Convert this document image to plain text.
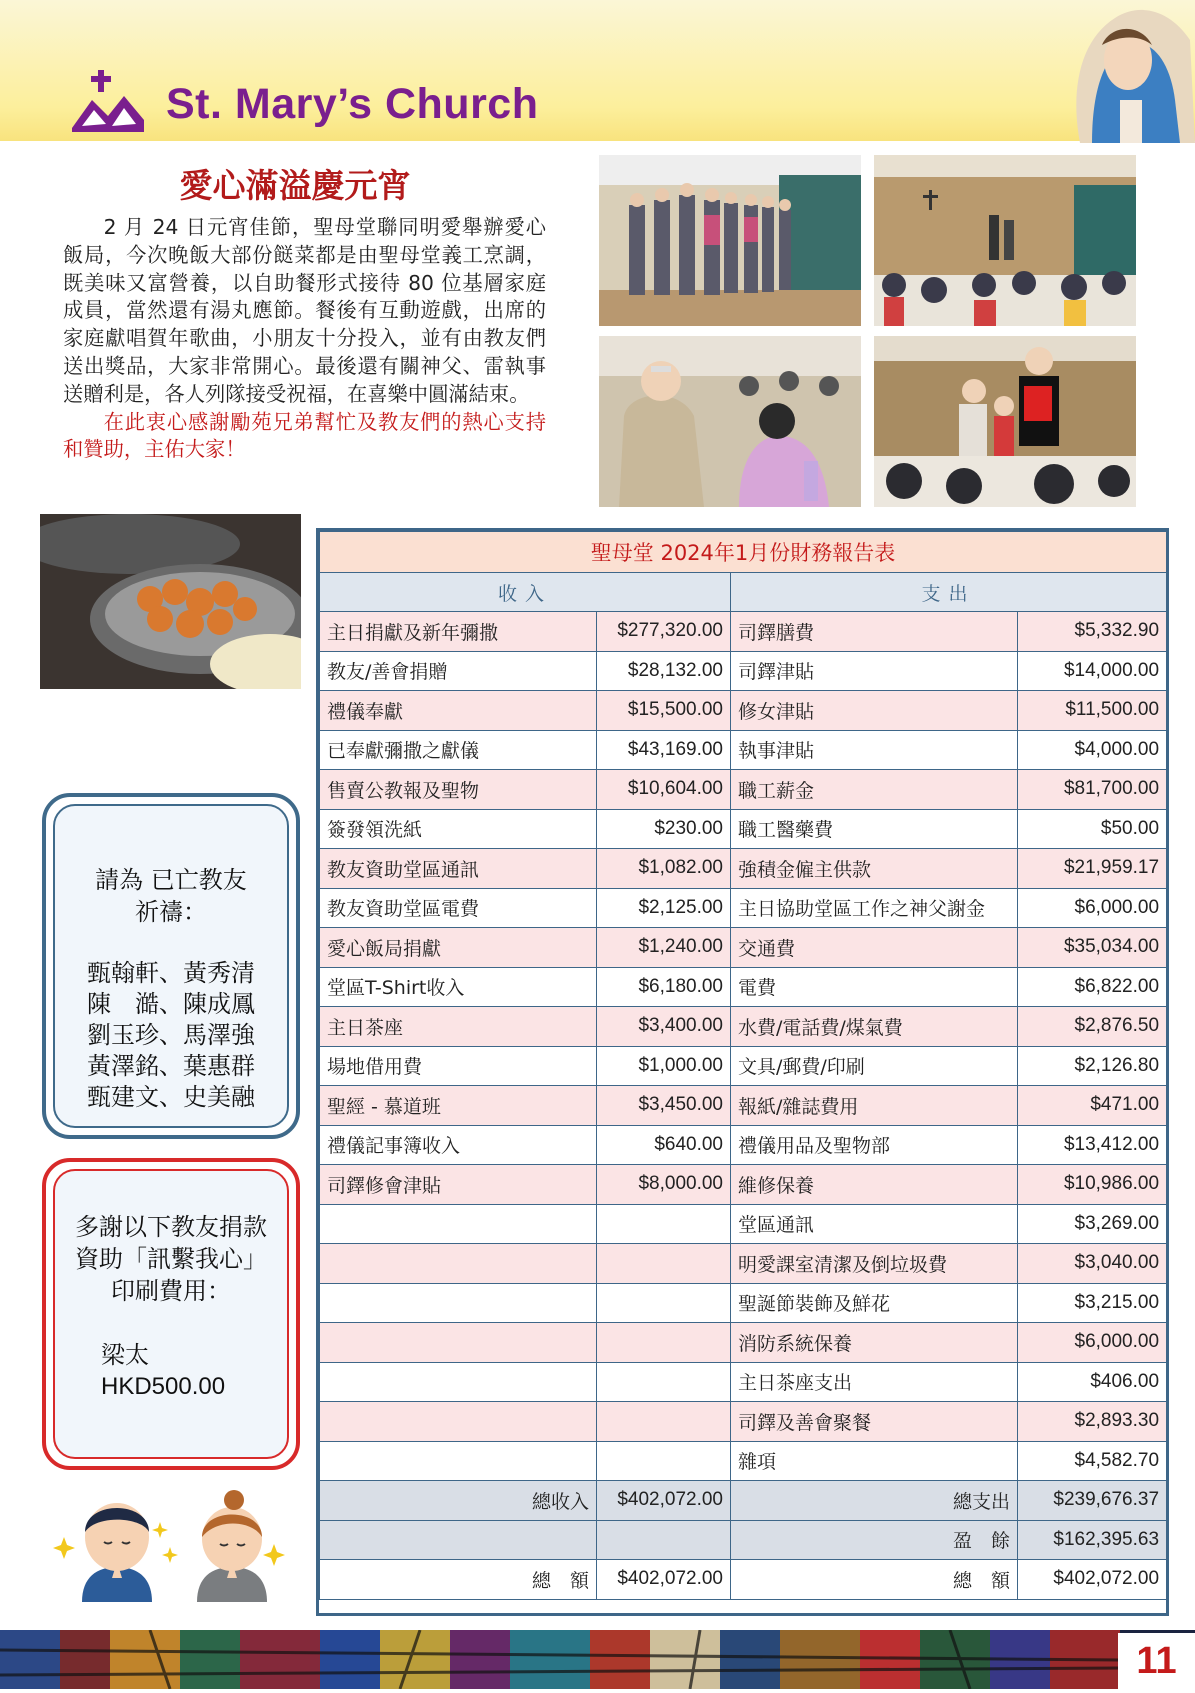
St. Mary’s Church
愛心滿溢慶元宵

2 月 24 日元宵佳節，聖母堂聯同明愛舉辦愛心飯局，今次晚飯大部份餸菜都是由聖母堂義工烹調，既美味又富營養，以自助餐形式接待 80 位基層家庭成員，當然還有湯丸應節。餐後有互動遊戲，出席的家庭獻唱賀年歌曲，小朋友十分投入，並有由教友們送出獎品，大家非常開心。最後還有關神父、雷執事送贈利是，各人列隊接受祝福，在喜樂中圓滿結束。

在此衷心感謝勵苑兄弟幫忙及教友們的熱心支持和贊助，主佑大家！

請為 已亡教友
祈禱：
甄翰軒、黃秀清
陳　澔、陳成鳳
劉玉珍、馬澤強
黃澤銘、葉惠群
甄建文、史美融
多謝以下教友捐款
資助「訊繫我心」
印刷費用：
梁太
HKD500.00
聖母堂 2024年1月份財務報告表			
收入		支出	
主日捐獻及新年彌撒	$277,320.00	司鐸膳費	$5,332.90
教友/善會捐贈	$28,132.00	司鐸津貼	$14,000.00
禮儀奉獻	$15,500.00	修女津貼	$11,500.00
已奉獻彌撒之獻儀	$43,169.00	執事津貼	$4,000.00
售賣公教報及聖物	$10,604.00	職工薪金	$81,700.00
簽發領洗紙	$230.00	職工醫藥費	$50.00
教友資助堂區通訊	$1,082.00	強積金僱主供款	$21,959.17
教友資助堂區電費	$2,125.00	主日協助堂區工作之神父謝金	$6,000.00
愛心飯局捐獻	$1,240.00	交通費	$35,034.00
堂區T-Shirt收入	$6,180.00	電費	$6,822.00
主日茶座	$3,400.00	水費/電話費/煤氣費	$2,876.50
場地借用費	$1,000.00	文具/郵費/印刷	$2,126.80
聖經 - 慕道班	$3,450.00	報紙/雜誌費用	$471.00
禮儀記事簿收入	$640.00	禮儀用品及聖物部	$13,412.00
司鐸修會津貼	$8,000.00	維修保養	$10,986.00
		堂區通訊	$3,269.00
		明愛課室清潔及倒垃圾費	$3,040.00
		聖誕節裝飾及鮮花	$3,215.00
		消防系統保養	$6,000.00
		主日茶座支出	$406.00
		司鐸及善會聚餐	$2,893.30
		雜項	$4,582.70
總收入	$402,072.00	總支出	$239,676.37
		盈　餘	$162,395.63
總　額	$402,072.00	總　額	$402,072.00
11
